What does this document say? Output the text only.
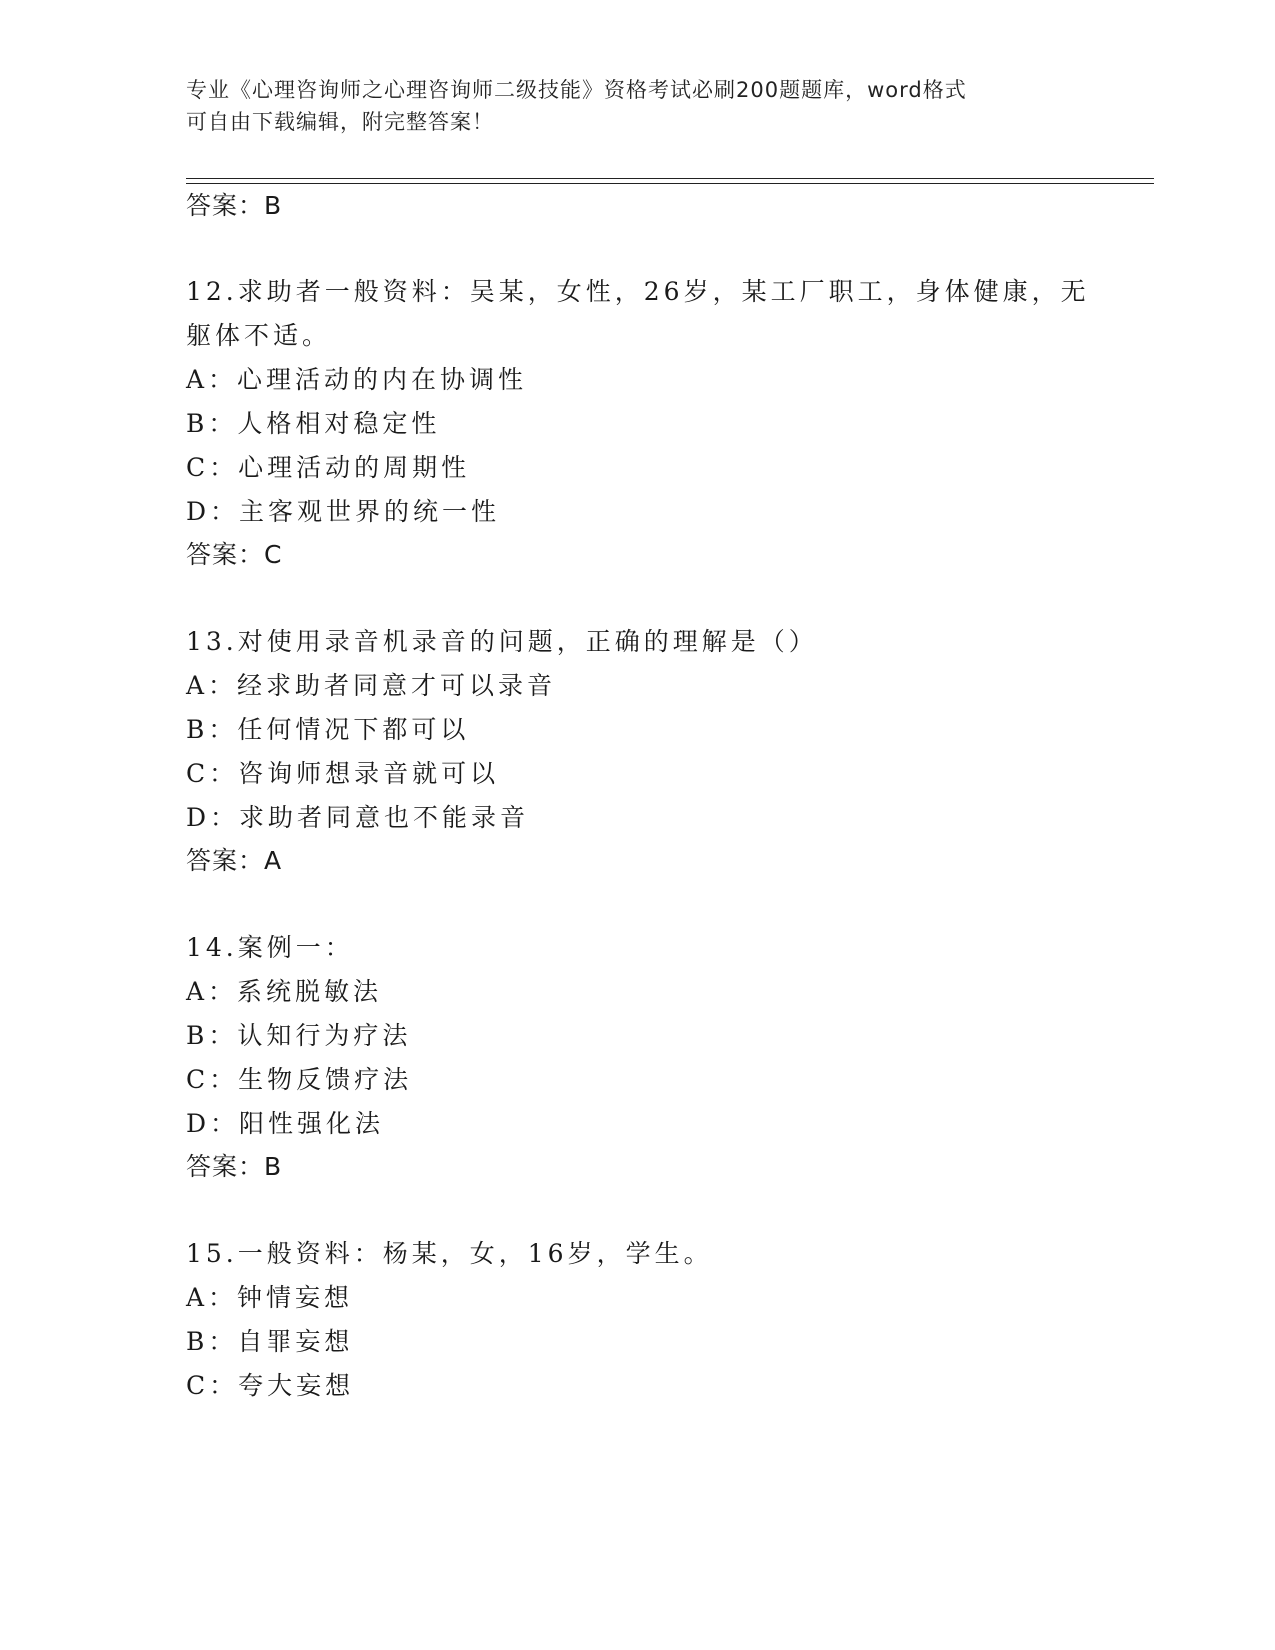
专业《心理咨询师之心理咨询师二级技能》资格考试必刷200题题库，word格式
可自由下载编辑，附完整答案！
答案：B
12.求助者一般资料：吴某，女性，26岁，某工厂职工，身体健康，无
躯体不适。
A：心理活动的内在协调性
B：人格相对稳定性
C：心理活动的周期性
D：主客观世界的统一性
答案：C
13.对使用录音机录音的问题，正确的理解是（）
A：经求助者同意才可以录音
B：任何情况下都可以
C：咨询师想录音就可以
D：求助者同意也不能录音
答案：A
14.案例一：
A：系统脱敏法
B：认知行为疗法
C：生物反馈疗法
D：阳性强化法
答案：B
15.一般资料：杨某，女，16岁，学生。
A：钟情妄想
B：自罪妄想
C：夸大妄想
